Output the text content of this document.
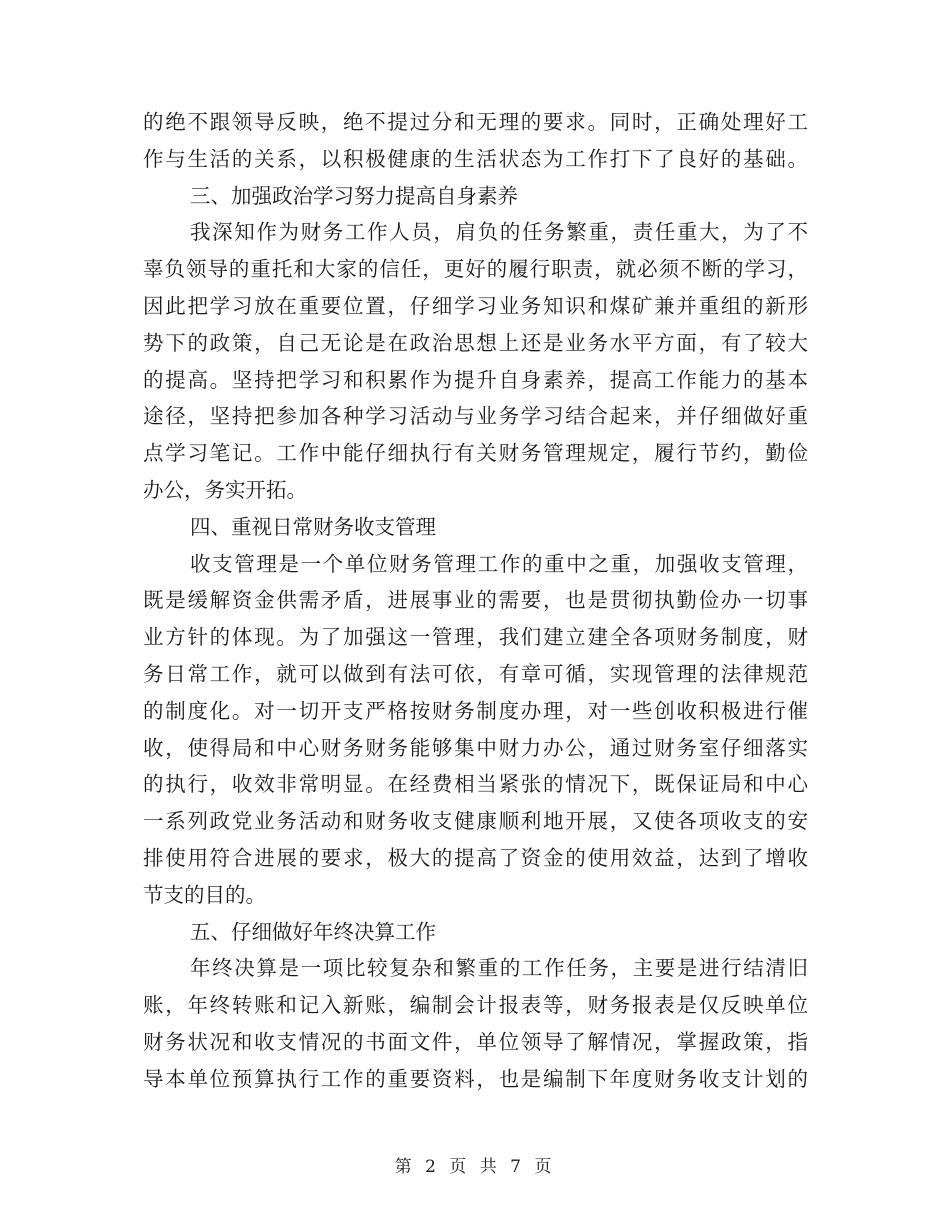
的绝不跟领导反映，绝不提过分和无理的要求。同时，正确处理好工
作与生活的关系，以积极健康的生活状态为工作打下了良好的基础。
三、加强政治学习努力提高自身素养
我深知作为财务工作人员，肩负的任务繁重，责任重大，为了不
辜负领导的重托和大家的信任，更好的履行职责，就必须不断的学习，
因此把学习放在重要位置，仔细学习业务知识和煤矿兼并重组的新形
势下的政策，自己无论是在政治思想上还是业务水平方面，有了较大
的提高。坚持把学习和积累作为提升自身素养，提高工作能力的基本
途径，坚持把参加各种学习活动与业务学习结合起来，并仔细做好重
点学习笔记。工作中能仔细执行有关财务管理规定，履行节约，勤俭
办公，务实开拓。
四、重视日常财务收支管理
收支管理是一个单位财务管理工作的重中之重，加强收支管理，
既是缓解资金供需矛盾，进展事业的需要，也是贯彻执勤俭办一切事
业方针的体现。为了加强这一管理，我们建立建全各项财务制度，财
务日常工作，就可以做到有法可依，有章可循，实现管理的法律规范
的制度化。对一切开支严格按财务制度办理，对一些创收积极进行催
收，使得局和中心财务财务能够集中财力办公，通过财务室仔细落实
的执行，收效非常明显。在经费相当紧张的情况下，既保证局和中心
一系列政党业务活动和财务收支健康顺利地开展，又使各项收支的安
排使用符合进展的要求，极大的提高了资金的使用效益，达到了增收
节支的目的。
五、仔细做好年终决算工作
年终决算是一项比较复杂和繁重的工作任务，主要是进行结清旧
账，年终转账和记入新账，编制会计报表等，财务报表是仅反映单位
财务状况和收支情况的书面文件，单位领导了解情况，掌握政策，指
导本单位预算执行工作的重要资料，也是编制下年度财务收支计划的
第 2 页 共 7 页
